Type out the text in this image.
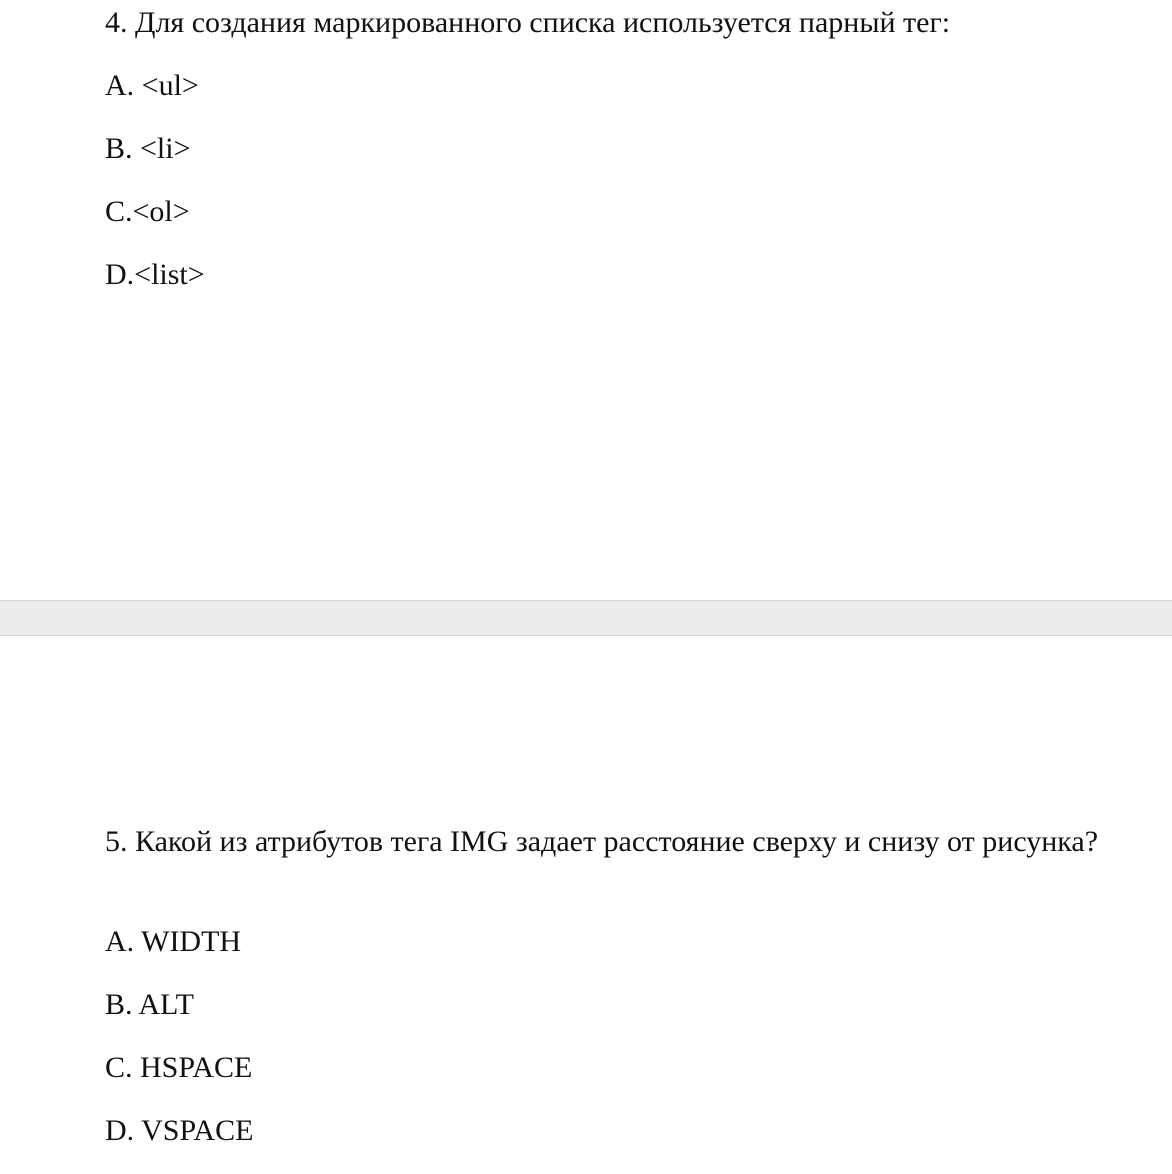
4. Для создания маркированного списка используется парный тег:

A. <ul>

B. <li>

C.<ol>

D.<list>

5. Какой из атрибутов тега IMG задает расстояние сверху и снизу от рисунка?

A. WIDTH

B. ALT

C. HSPACE

D. VSPACE
